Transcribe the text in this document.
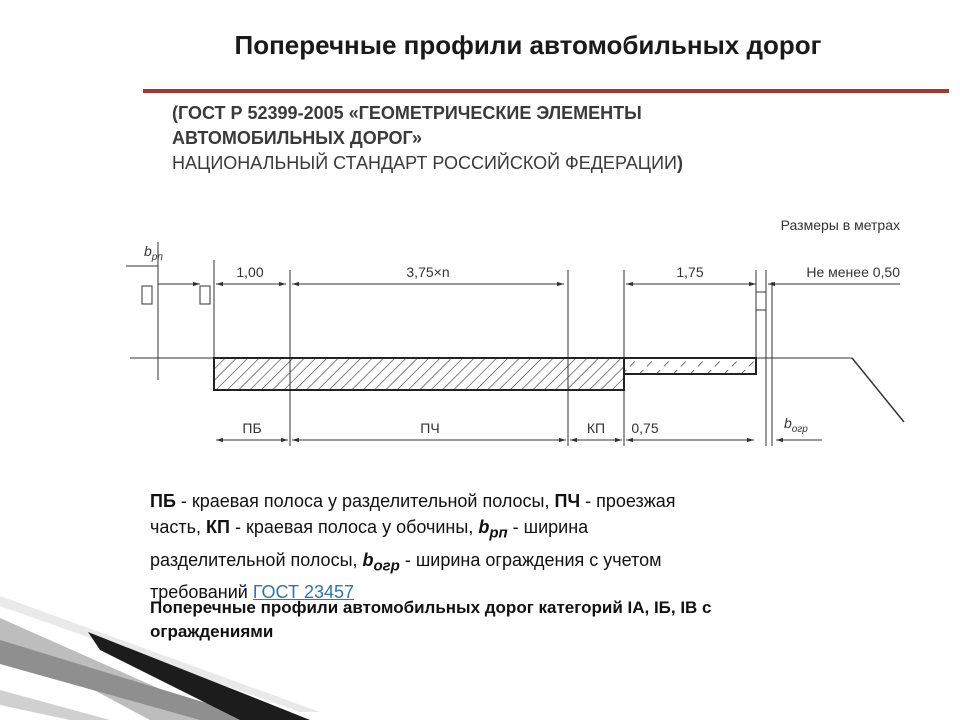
Поперечные профили автомобильных дорог
(ГОСТ Р 52399-2005 «ГЕОМЕТРИЧЕСКИЕ ЭЛЕМЕНТЫ
АВТОМОБИЛЬНЫХ ДОРОГ»
НАЦИОНАЛЬНЫЙ СТАНДАРТ РОССИЙСКОЙ ФЕДЕРАЦИИ)
Размеры в метрах
$b_{рп}$
1,00	3,75×n	1,75	Не менее 0,50
ПБ	ПЧ	КП 0,75	$b_{огр}$
ПБ - краевая полоса у разделительной полосы, ПЧ - проезжая часть, КП - краевая полоса у обочины, $b_{рп}$ - ширина разделительной полосы, $b_{огр}$ - ширина ограждения с учетом требований ГОСТ 23457
Поперечные профили автомобильных дорог категорий IA, IБ, IВ с ограждениями
